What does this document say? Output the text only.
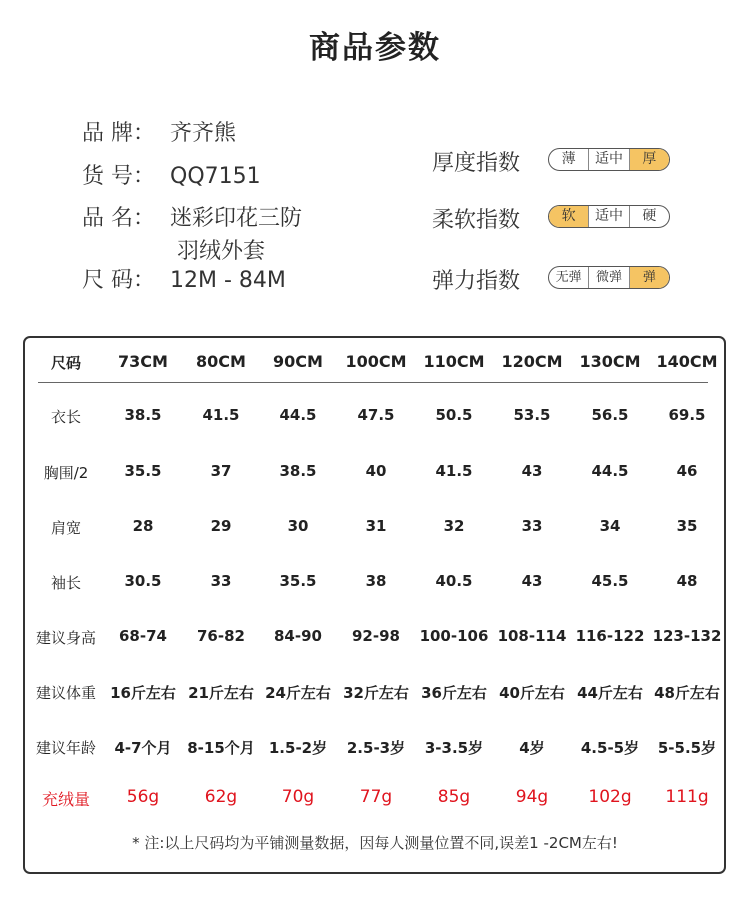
商品参数
品 牌： 齐齐熊
货 号： QQ7151
品 名： 迷彩印花三防
羽绒外套
尺 码： 12M - 84M
厚度指数	薄	适中	厚
柔软指数	软	适中	硬
弹力指数	无弹	微弹	弹
尺码	73CM	80CM	90CM	100CM	110CM	120CM	130CM 140CM
衣长	38.5	41.5	44.5	47.5	50.5	53.5	56.5	69.5
胸围/2	35.5	37	38.5	40	41.5	43	44.5	46
肩宽	28	29	30	31	32	33	34	35
袖长	30.5	33	35.5	38	40.5	43	45.5	48
建议身高	68-74	76-82	84-90	92-98	100-106 108-114 116-122 123-132
建议体重 16斤左右 21斤左右 24斤左右 32斤左右 36斤左右 40斤左右 44斤左右 48斤左右
建议年龄	4-7个月	8-15个月 1.5-2岁	2.5-3岁	3-3.5岁	4岁	4.5-5岁	5-5.5岁
充绒量	56g	62g	70g	77g	85g	94g	102g	111g
* 注:以上尺码均为平铺测量数据，因每人测量位置不同,误差1 -2CM左右!
